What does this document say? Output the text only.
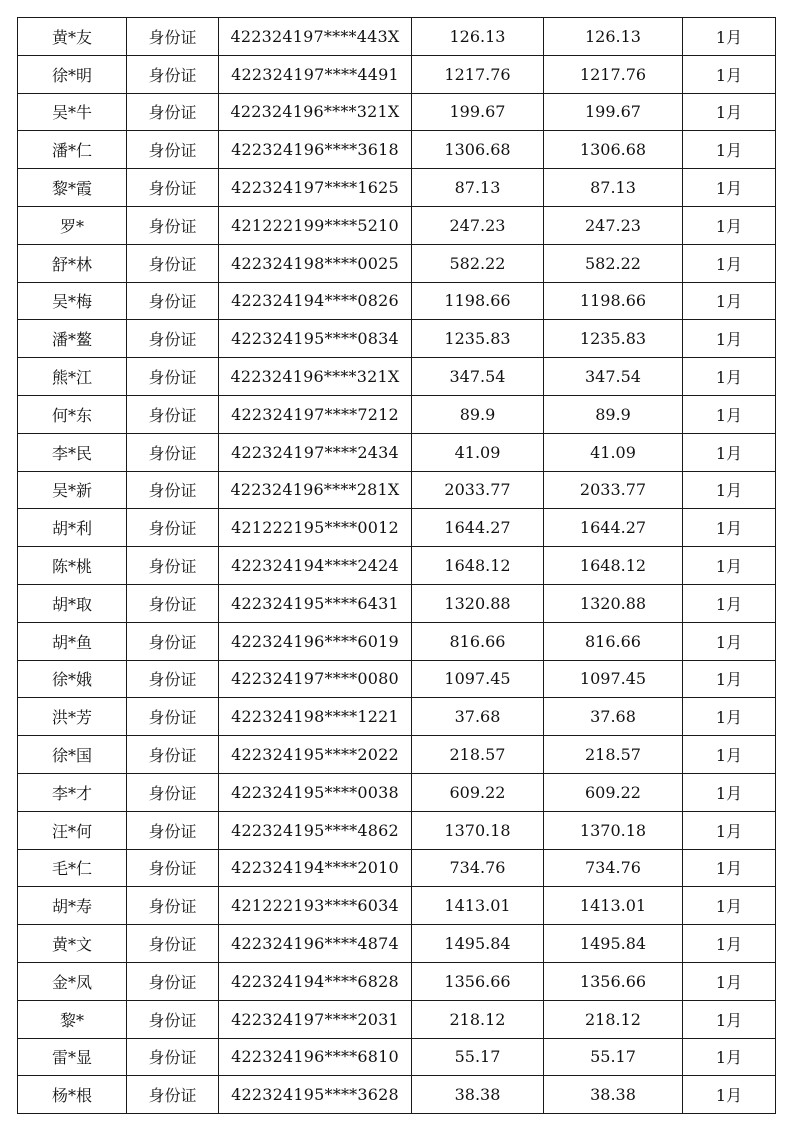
黄*友	身份证	422324197****443X	126.13	126.13	1月
徐*明	身份证	422324197****4491	1217.76	1217.76	1月
吴*牛	身份证	422324196****321X	199.67	199.67	1月
潘*仁	身份证	422324196****3618	1306.68	1306.68	1月
黎*霞	身份证	422324197****1625	87.13	87.13	1月
罗*	身份证	421222199****5210	247.23	247.23	1月
舒*林	身份证	422324198****0025	582.22	582.22	1月
吴*梅	身份证	422324194****0826	1198.66	1198.66	1月
潘*鳌	身份证	422324195****0834	1235.83	1235.83	1月
熊*江	身份证	422324196****321X	347.54	347.54	1月
何*东	身份证	422324197****7212	89.9	89.9	1月
李*民	身份证	422324197****2434	41.09	41.09	1月
吴*新	身份证	422324196****281X	2033.77	2033.77	1月
胡*利	身份证	421222195****0012	1644.27	1644.27	1月
陈*桃	身份证	422324194****2424	1648.12	1648.12	1月
胡*取	身份证	422324195****6431	1320.88	1320.88	1月
胡*鱼	身份证	422324196****6019	816.66	816.66	1月
徐*娥	身份证	422324197****0080	1097.45	1097.45	1月
洪*芳	身份证	422324198****1221	37.68	37.68	1月
徐*国	身份证	422324195****2022	218.57	218.57	1月
李*才	身份证	422324195****0038	609.22	609.22	1月
汪*何	身份证	422324195****4862	1370.18	1370.18	1月
毛*仁	身份证	422324194****2010	734.76	734.76	1月
胡*寿	身份证	421222193****6034	1413.01	1413.01	1月
黄*文	身份证	422324196****4874	1495.84	1495.84	1月
金*凤	身份证	422324194****6828	1356.66	1356.66	1月
黎*	身份证	422324197****2031	218.12	218.12	1月
雷*显	身份证	422324196****6810	55.17	55.17	1月
杨*根	身份证	422324195****3628	38.38	38.38	1月
